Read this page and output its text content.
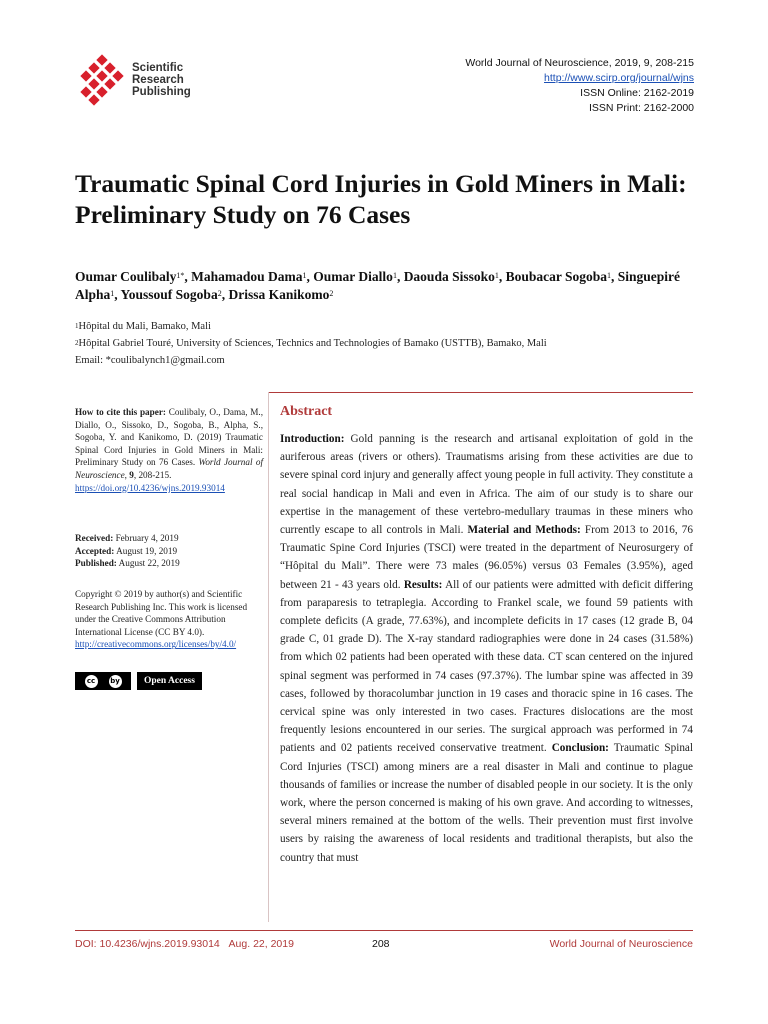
Scientific
Research
Publishing
World Journal of Neuroscience, 2019, 9, 208-215
http://www.scirp.org/journal/wjns
ISSN Online: 2162-2019
ISSN Print: 2162-2000
Traumatic Spinal Cord Injuries in Gold Miners in Mali: Preliminary Study on 76 Cases
Oumar Coulibaly$^{1*}$, Mahamadou Dama$^1$, Oumar Diallo$^1$, Daouda Sissoko$^1$, Boubacar Sogoba$^1$, Singuepiré Alpha$^1$, Youssouf Sogoba$^2$, Drissa Kanikomo$^2$
$^1$Hôpital du Mali, Bamako, Mali
$^2$Hôpital Gabriel Touré, University of Sciences, Technics and Technologies of Bamako (USTTB), Bamako, Mali
Email: *coulibalynch1@gmail.com
How to cite this paper: Coulibaly, O., Dama, M., Diallo, O., Sissoko, D., Sogoba, B., Alpha, S., Sogoba, Y. and Kanikomo, D. (2019) Traumatic Spinal Cord Injuries in Gold Miners in Mali: Preliminary Study on 76 Cases. World Journal of Neuroscience, 9, 208-215.
https://doi.org/10.4236/wjns.2019.93014
Received: February 4, 2019
Accepted: August 19, 2019
Published: August 22, 2019
Copyright © 2019 by author(s) and Scientific Research Publishing Inc. This work is licensed under the Creative Commons Attribution International License (CC BY 4.0).
http://creativecommons.org/licenses/by/4.0/
cc	by	Open Access
Abstract
Introduction: Gold panning is the research and artisanal exploitation of gold in the auriferous areas (rivers or others). Traumatisms arising from these activities are due to severe spinal cord injury and generally affect young people in full activity. They constitute a real social handicap in Mali and even in Africa. The aim of our study is to share our expertise in the management of these vertebro-medullary traumas in these miners who currently escape to all controls in Mali. Material and Methods: From 2013 to 2016, 76 Traumatic Spine Cord Injuries (TSCI) were treated in the department of Neurosurgery of “Hôpital du Mali”. There were 73 males (96.05%) versus 03 Females (3.95%), aged between 21 - 43 years old. Results: All of our patients were admitted with deficit differing from paraparesis to tetraplegia. According to Frankel scale, we found 59 patients with complete deficits (A grade, 77.63%), and incomplete deficits in 17 cases (12 grade B, 04 grade C, 01 grade D). The X-ray standard radiographies were done in 24 cases (31.58%) from which 02 patients had been operated with these data. CT scan centered on the injured spinal segment was performed in 74 cases (97.37%). The lumbar spine was affected in 39 cases, followed by thoracolumbar junction in 19 cases and thoracic spine in 16 cases. The cervical spine was only interested in two cases. Fractures dislocations are the most frequently lesions encountered in our series. The surgical approach was performed in 74 patients and 02 patients received conservative treatment. Conclusion: Traumatic Spinal Cord Injuries (TSCI) among miners are a real disaster in Mali and continue to plague thousands of families or increase the number of disabled people in our society. It is the only work, where the person concerned is making of his own grave. And according to witnesses, several miners remained at the bottom of the wells. Their prevention must first involve users by raising the awareness of local residents and traditional therapists, but also the country that must
DOI: 10.4236/wjns.2019.93014 Aug. 22, 2019	208	World Journal of Neuroscience
